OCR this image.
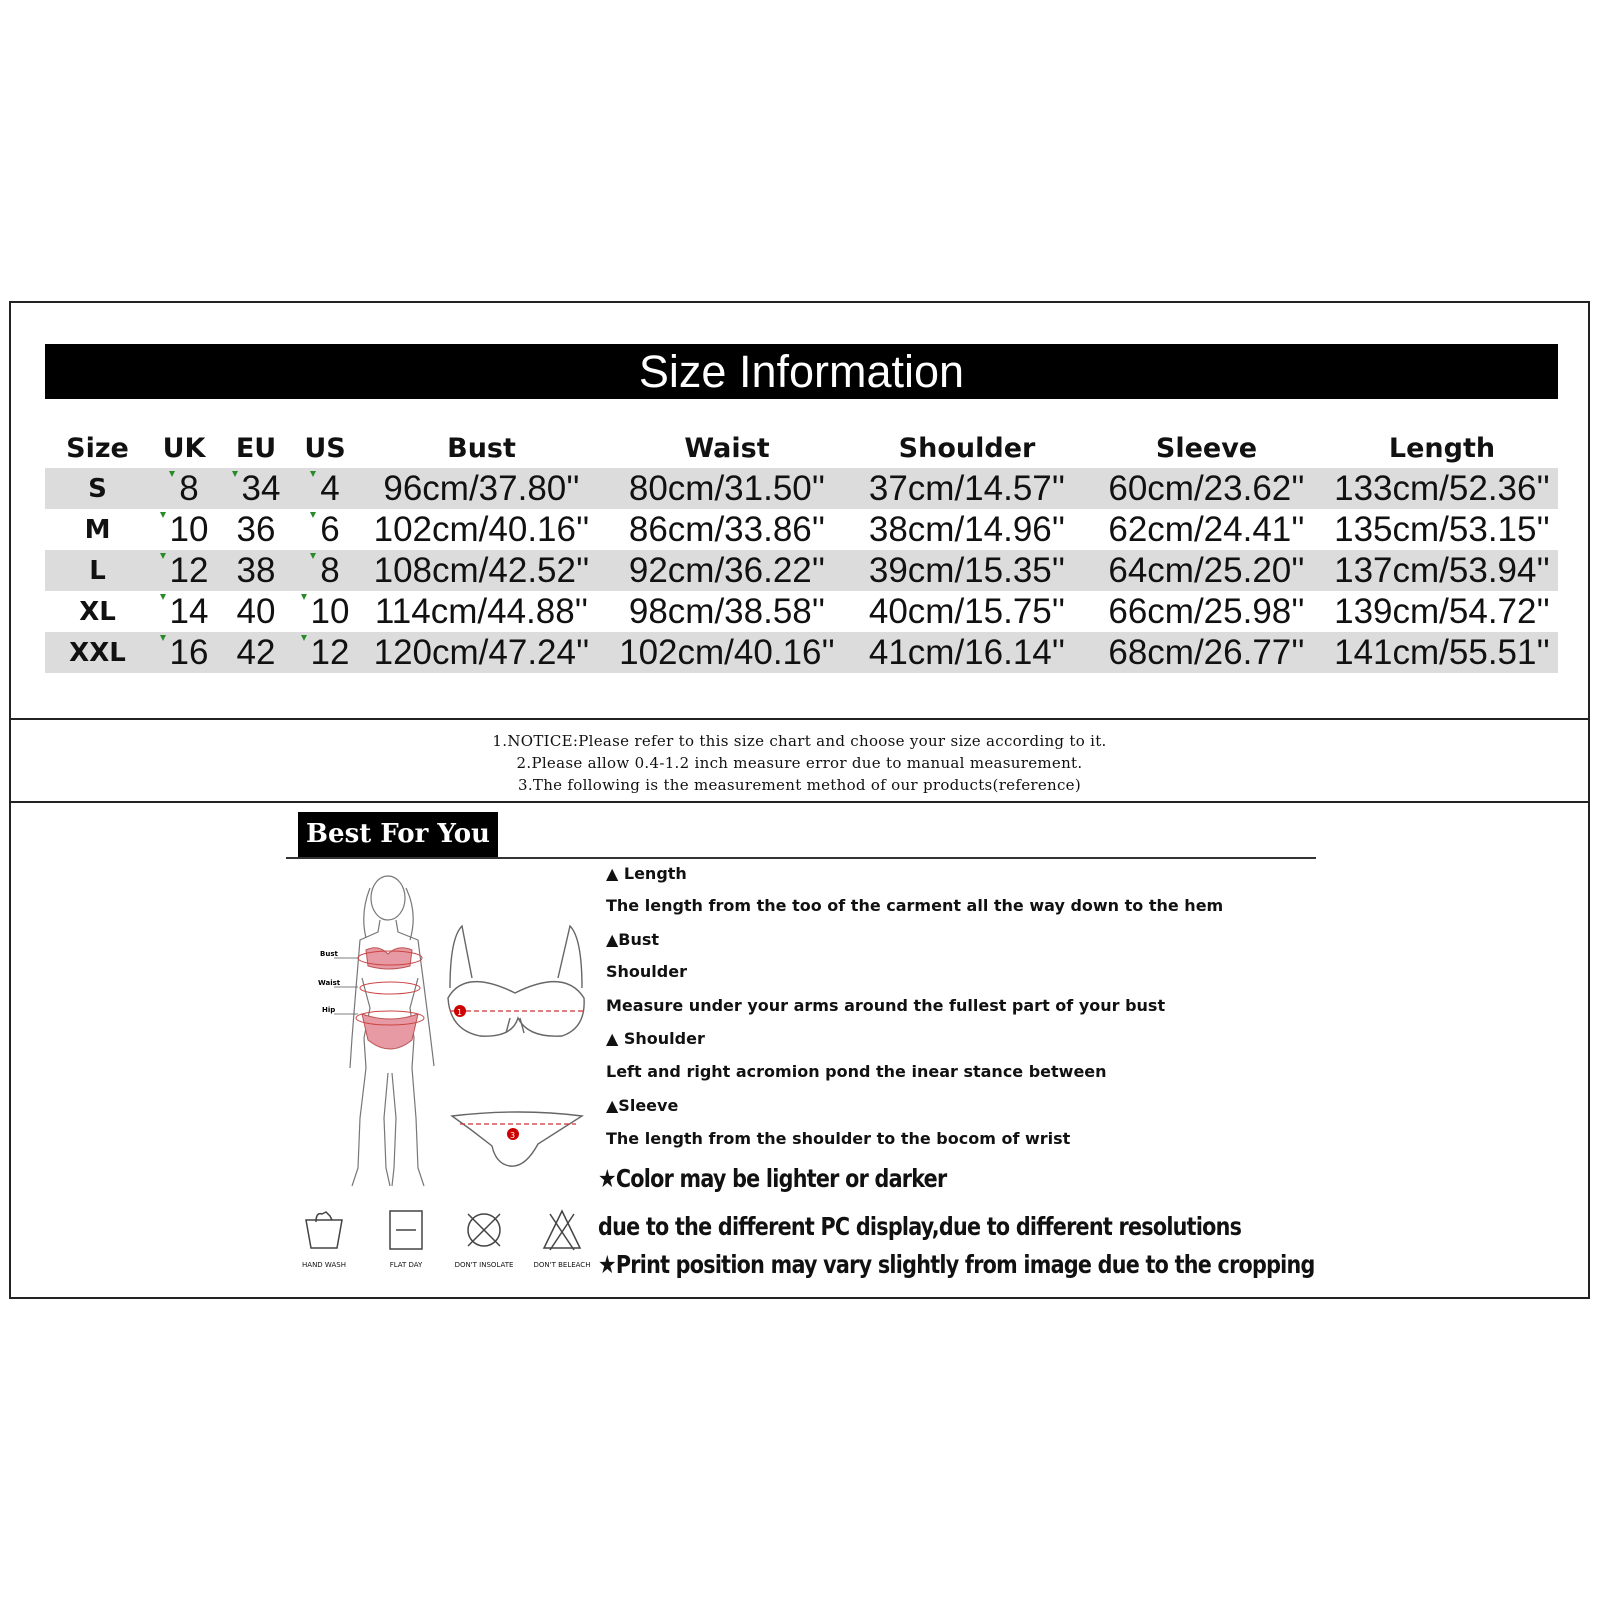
Size Information
Size	UK	EU	US	Bust	Waist	Shoulder	Sleeve	Length
S	8	34	4	96cm/37.80''	80cm/31.50''	37cm/14.57''	60cm/23.62''	133cm/52.36''
M	10	36	6	102cm/40.16''	86cm/33.86''	38cm/14.96''	62cm/24.41''	135cm/53.15''
L	12	38	8	108cm/42.52''	92cm/36.22''	39cm/15.35''	64cm/25.20''	137cm/53.94''
XL	14	40	10	114cm/44.88''	98cm/38.58''	40cm/15.75''	66cm/25.98''	139cm/54.72''
XXL	16	42	12	120cm/47.24''	102cm/40.16''	41cm/16.14''	68cm/26.77''	141cm/55.51''
1.NOTICE:Please refer to this size chart and choose your size according to it.
2.Please allow 0.4-1.2 inch measure error due to manual measurement.
3.The following is the measurement method of our products(reference)
Best For You
Bust
Waist
Hip	1
3
HAND WASH	FLAT DAY	DON'T INSOLATE	DON'T BELEACH
▲ Length
The length from the too of the carment all the way down to the hem
▲Bust
Shoulder
Measure under your arms around the fullest part of your bust
▲ Shoulder
Left and right acromion pond the inear stance between
▲Sleeve
The length from the shoulder to the bocom of wrist
★Color may be lighter or darker
due to the different PC display,due to different resolutions
★Print position may vary slightly from image due to the cropping
